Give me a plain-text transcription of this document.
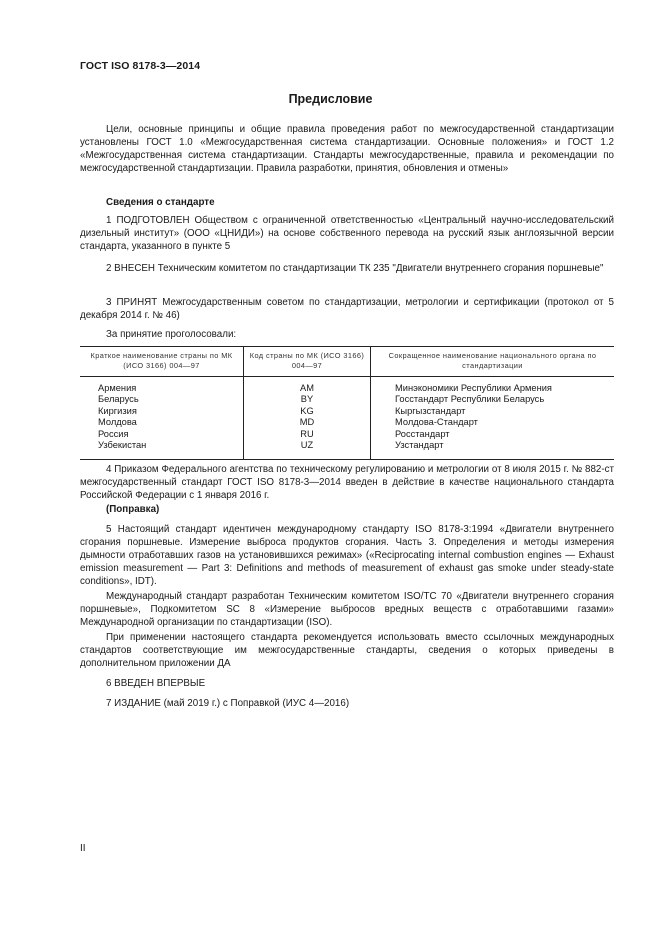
ГОСТ ISO 8178-3—2014
Предисловие
Цели, основные принципы и общие правила проведения работ по межгосударственной стандартизации установлены ГОСТ 1.0 «Межгосударственная система стандартизации. Основные положения» и ГОСТ 1.2 «Межгосударственная система стандартизации. Стандарты межгосударственные, правила и рекомендации по межгосударственной стандартизации. Правила разработки, принятия, обновления и отмены»
Сведения о стандарте
1 ПОДГОТОВЛЕН Обществом с ограниченной ответственностью «Центральный научно-исследовательский дизельный институт» (ООО «ЦНИДИ») на основе собственного перевода на русский язык англоязычной версии стандарта, указанного в пункте 5
2 ВНЕСЕН Техническим комитетом по стандартизации ТК 235 "Двигатели внутреннего сгорания поршневые"
3 ПРИНЯТ Межгосударственным советом по стандартизации, метрологии и сертификации (протокол от 5 декабря 2014 г. № 46)
За принятие проголосовали:
Краткое наименование страны по МК (ИСО 3166) 004—97	Код страны по МК (ИСО 3166) 004—97	Сокращенное наименование национального органа по стандартизации
Армения	AM	Минэкономики Республики Армения
Беларусь	BY	Госстандарт Республики Беларусь
Киргизия	KG	Кыргызстандарт
Молдова	MD	Молдова-Стандарт
Россия	RU	Росстандарт
Узбекистан	UZ	Узстандарт
4 Приказом Федерального агентства по техническому регулированию и метрологии от 8 июля 2015 г. № 882-ст межгосударственный стандарт ГОСТ ISO 8178-3—2014 введен в действие в качестве национального стандарта Российской Федерации с 1 января 2016 г.
(Поправка)
5 Настоящий стандарт идентичен международному стандарту ISO 8178-3:1994 «Двигатели внутреннего сгорания поршневые. Измерение выброса продуктов сгорания. Часть 3. Определения и методы измерения дымности отработавших газов на установившихся режимах» («Reciprocating internal combustion engines — Exhaust emission measurement — Part 3: Definitions and methods of measurement of exhaust gas smoke under steady-state conditions», IDT).
Международный стандарт разработан Техническим комитетом ISO/TC 70 «Двигатели внутреннего сгорания поршневые», Подкомитетом SC 8 «Измерение выбросов вредных веществ с отработавшими газами» Международной организации по стандартизации (ISO).
При применении настоящего стандарта рекомендуется использовать вместо ссылочных международных стандартов соответствующие им межгосударственные стандарты, сведения о которых приведены в дополнительном приложении ДА
6 ВВЕДЕН ВПЕРВЫЕ
7 ИЗДАНИЕ (май 2019 г.) с Поправкой (ИУС 4—2016)
II
